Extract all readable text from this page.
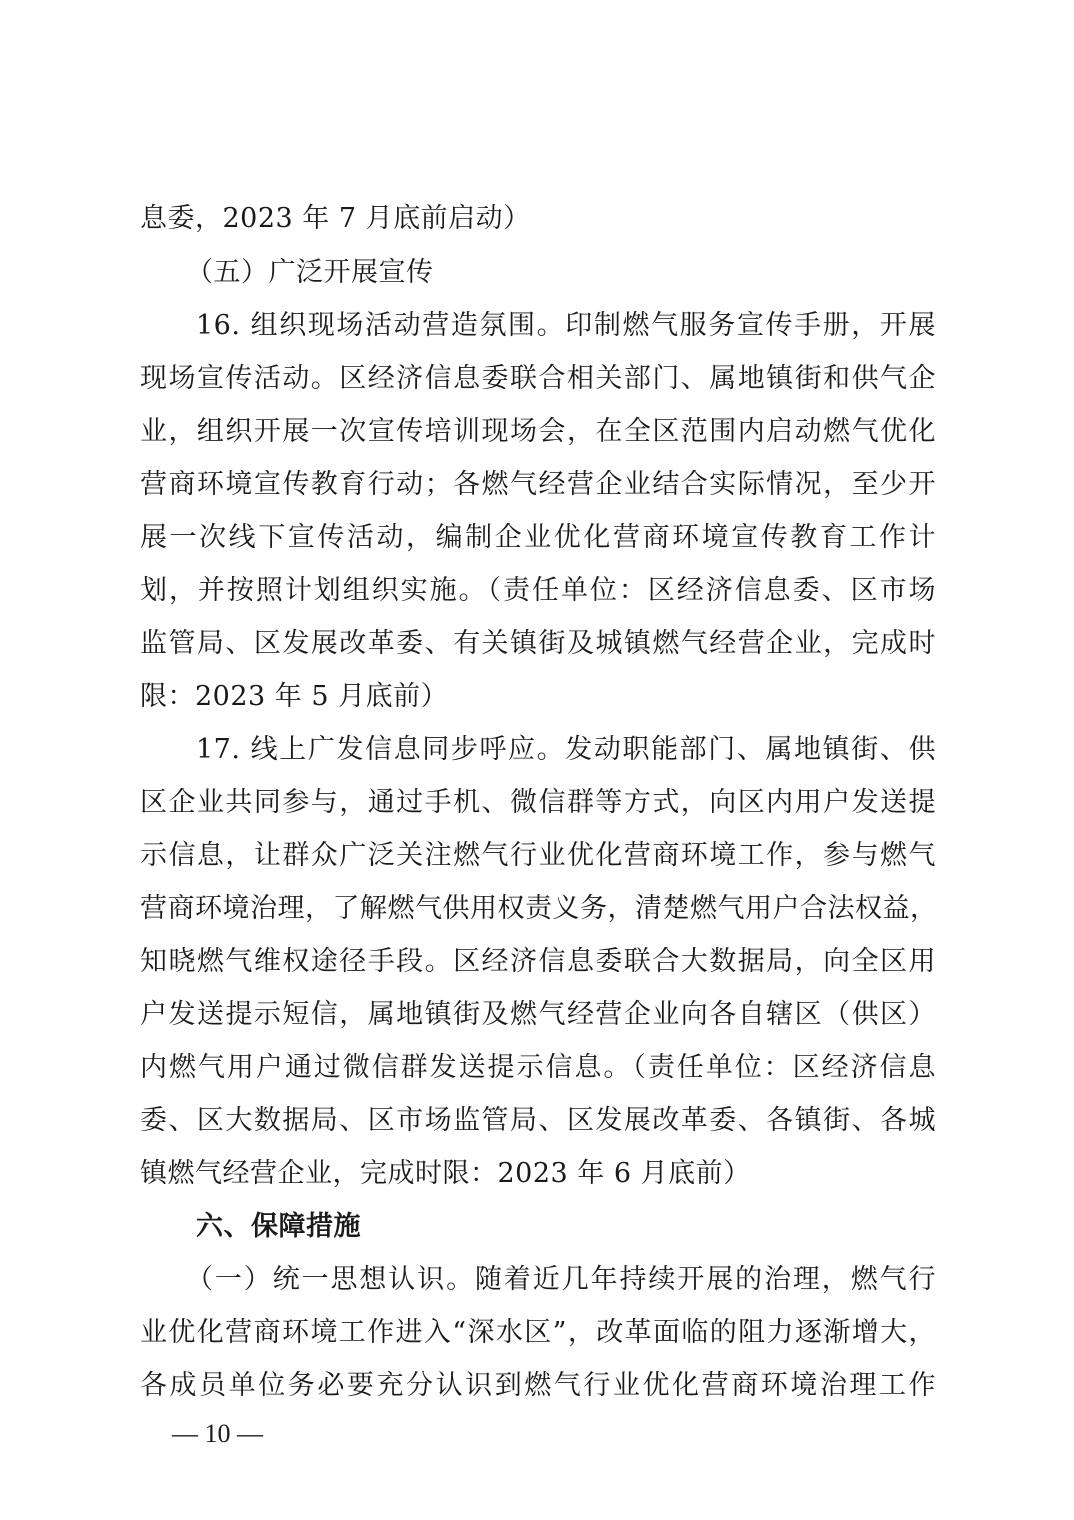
息委，2023 年 7 月底前启动）
（五）广泛开展宣传
16. 组织现场活动营造氛围。印制燃气服务宣传手册，开展
现场宣传活动。区经济信息委联合相关部门、属地镇街和供气企
业，组织开展一次宣传培训现场会，在全区范围内启动燃气优化
营商环境宣传教育行动；各燃气经营企业结合实际情况，至少开
展一次线下宣传活动，编制企业优化营商环境宣传教育工作计
划，并按照计划组织实施。（责任单位：区经济信息委、区市场
监管局、区发展改革委、有关镇街及城镇燃气经营企业，完成时
限：2023 年 5 月底前）
17. 线上广发信息同步呼应。发动职能部门、属地镇街、供
区企业共同参与，通过手机、微信群等方式，向区内用户发送提
示信息，让群众广泛关注燃气行业优化营商环境工作，参与燃气
营商环境治理，了解燃气供用权责义务，清楚燃气用户合法权益，
知晓燃气维权途径手段。区经济信息委联合大数据局，向全区用
户发送提示短信，属地镇街及燃气经营企业向各自辖区（供区）
内燃气用户通过微信群发送提示信息。（责任单位：区经济信息
委、区大数据局、区市场监管局、区发展改革委、各镇街、各城
镇燃气经营企业，完成时限：2023 年 6 月底前）
六、保障措施
（一）统一思想认识。随着近几年持续开展的治理，燃气行
业优化营商环境工作进入“深水区”，改革面临的阻力逐渐增大，
各成员单位务必要充分认识到燃气行业优化营商环境治理工作
— 10 —
